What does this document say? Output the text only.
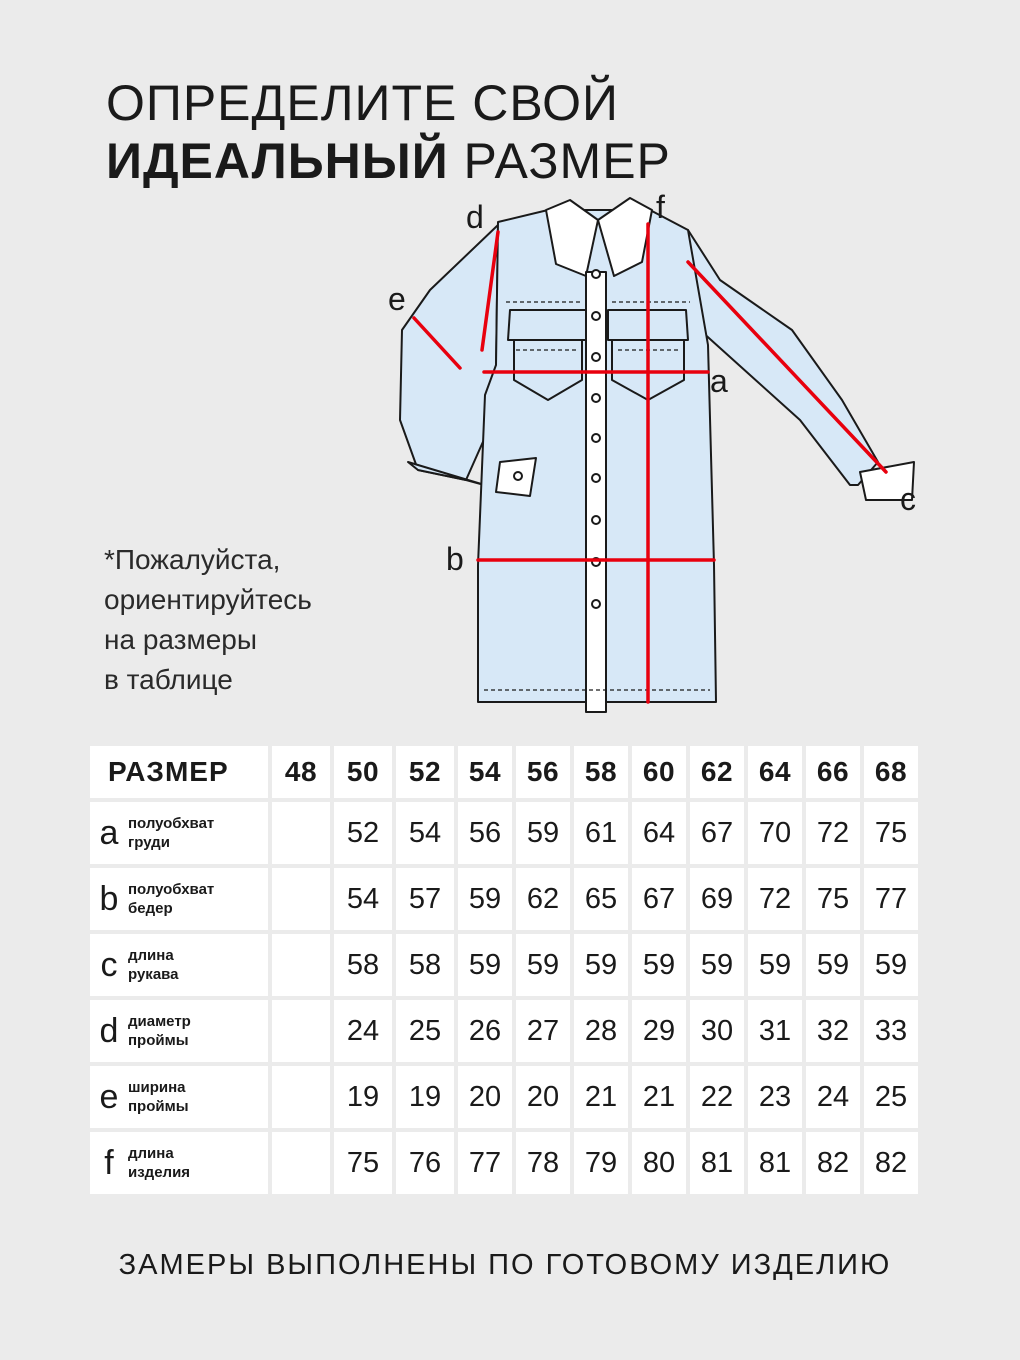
ОПРЕДЕЛИТЕ СВОЙ
ИДЕАЛЬНЫЙ РАЗМЕР
*Пожалуйста,
ориентируйтесь
на размеры
в таблице
a
b
c
d
e
f
РАЗМЕР	48	50	52	54	56	58	60	62	64	66	68

a полуобхват
груди		52	54	56	59	61	64	67	70	72	75

b полуобхват
бедер		54	57	59	62	65	67	69	72	75	77

c длина
рукава		58	58	59	59	59	59	59	59	59	59

d диаметр
проймы		24	25	26	27	28	29	30	31	32	33

e ширина
проймы		19	19	20	20	21	21	22	23	24	25

f длина
изделия		75	76	77	78	79	80	81	81	82	82
ЗАМЕРЫ ВЫПОЛНЕНЫ ПО ГОТОВОМУ ИЗДЕЛИЮ
